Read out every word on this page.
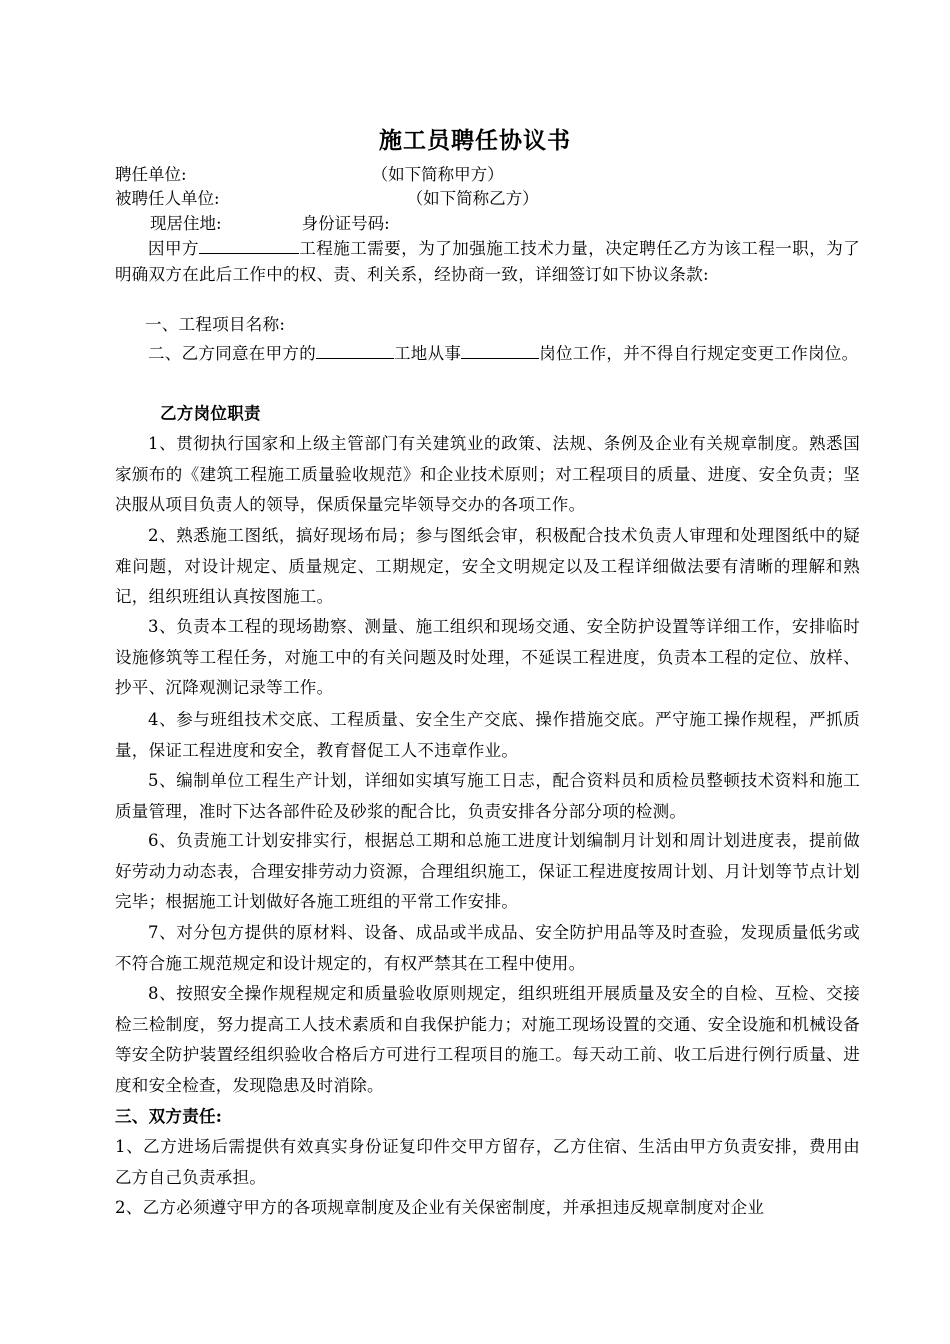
施工员聘任协议书
聘任单位:	（如下简称甲方）
被聘任人单位:	（如下简称乙方）
现居住地:	身份证号码:
因甲方	工程施工需要，为了加强施工技术力量，决定聘任乙方为该工程一职，为了明确双方在此后工作中的权、责、利关系，经协商一致，详细签订如下协议条款:
一、工程项目名称:
二、乙方同意在甲方的	工地从事	岗位工作，并不得自行规定变更工作岗位。
乙方岗位职责
1、贯彻执行国家和上级主管部门有关建筑业的政策、法规、条例及企业有关规章制度。熟悉国家颁布的《建筑工程施工质量验收规范》和企业技术原则；对工程项目的质量、进度、安全负责；坚决服从项目负责人的领导，保质保量完毕领导交办的各项工作。
2、熟悉施工图纸，搞好现场布局；参与图纸会审，积极配合技术负责人审理和处理图纸中的疑难问题，对设计规定、质量规定、工期规定，安全文明规定以及工程详细做法要有清晰的理解和熟记，组织班组认真按图施工。
3、负责本工程的现场勘察、测量、施工组织和现场交通、安全防护设置等详细工作，安排临时设施修筑等工程任务，对施工中的有关问题及时处理，不延误工程进度，负责本工程的定位、放样、抄平、沉降观测记录等工作。
4、参与班组技术交底、工程质量、安全生产交底、操作措施交底。严守施工操作规程，严抓质量，保证工程进度和安全，教育督促工人不违章作业。
5、编制单位工程生产计划，详细如实填写施工日志，配合资料员和质检员整顿技术资料和施工质量管理，准时下达各部件砼及砂浆的配合比，负责安排各分部分项的检测。
6、负责施工计划安排实行，根据总工期和总施工进度计划编制月计划和周计划进度表，提前做好劳动力动态表，合理安排劳动力资源，合理组织施工，保证工程进度按周计划、月计划等节点计划完毕；根据施工计划做好各施工班组的平常工作安排。
7、对分包方提供的原材料、设备、成品或半成品、安全防护用品等及时查验，发现质量低劣或不符合施工规范规定和设计规定的，有权严禁其在工程中使用。
8、按照安全操作规程规定和质量验收原则规定，组织班组开展质量及安全的自检、互检、交接检三检制度，努力提高工人技术素质和自我保护能力；对施工现场设置的交通、安全设施和机械设备等安全防护装置经组织验收合格后方可进行工程项目的施工。每天动工前、收工后进行例行质量、进度和安全检查，发现隐患及时消除。
三、双方责任:
1、乙方进场后需提供有效真实身份证复印件交甲方留存，乙方住宿、生活由甲方负责安排，费用由乙方自己负责承担。
2、乙方必须遵守甲方的各项规章制度及企业有关保密制度，并承担违反规章制度对企业
